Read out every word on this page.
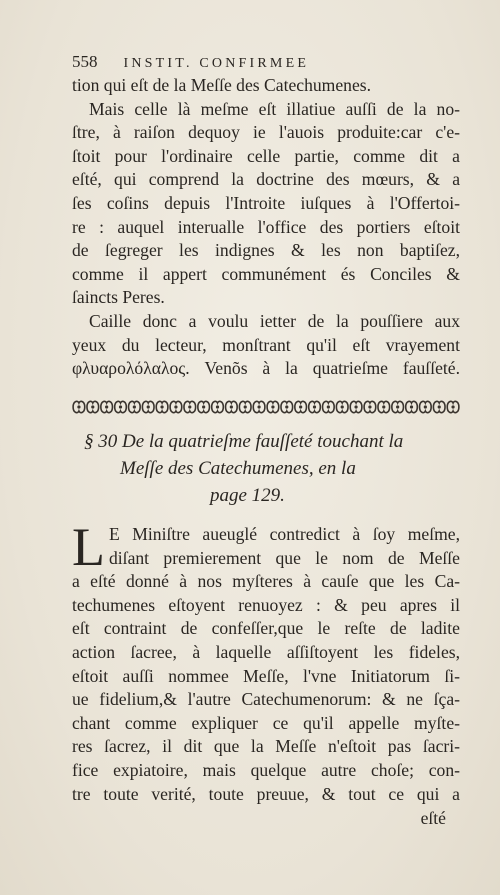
558 INSTIT. CONFIRMEE
tion qui eſt de la Meſſe des Catechumenes.
Mais celle là meſme eſt illatiue auſſi de la no-
ſtre, à raiſon dequoy ie l'auois produite:car c'e-
ſtoit pour l'ordinaire celle partie, comme dit a
eſté, qui comprend la doctrine des mœurs, & a
ſes coſins depuis l'Introite iuſques à l'Offertoi-
re : auquel interualle l'office des portiers eſtoit
de ſegreger les indignes & les non baptiſez,
comme il appert communément és Conciles &
ſaincts Peres.
Caille donc a voulu ietter de la pouſſiere aux
yeux du lecteur, monſtrant qu'il eſt vrayement
φλυαρολόλαλος. Venõs à la quatrieſme fauſſeté.
§ 30 De la quatrieſme fauſſeté touchant la
Meſſe des Catechumenes, en la
page 129.
L E Miniſtre aueuglé contredict à ſoy meſme,
diſant premierement que le nom de Meſſe
a eſté donné à nos myſteres à cauſe que les Ca-
techumenes eſtoyent renuoyez : & peu apres il
eſt contraint de confeſſer,que le reſte de ladite
action ſacree, à laquelle aſſiſtoyent les fideles,
eſtoit auſſi nommee Meſſe, l'vne Initiatorum ſi-
ue fidelium,& l'autre Catechumenorum: & ne ſça-
chant comme expliquer ce qu'il appelle myſte-
res ſacrez, il dit que la Meſſe n'eſtoit pas ſacri-
fice expiatoire, mais quelque autre choſe; con-
tre toute verité, toute preuue, & tout ce qui a
eſté
